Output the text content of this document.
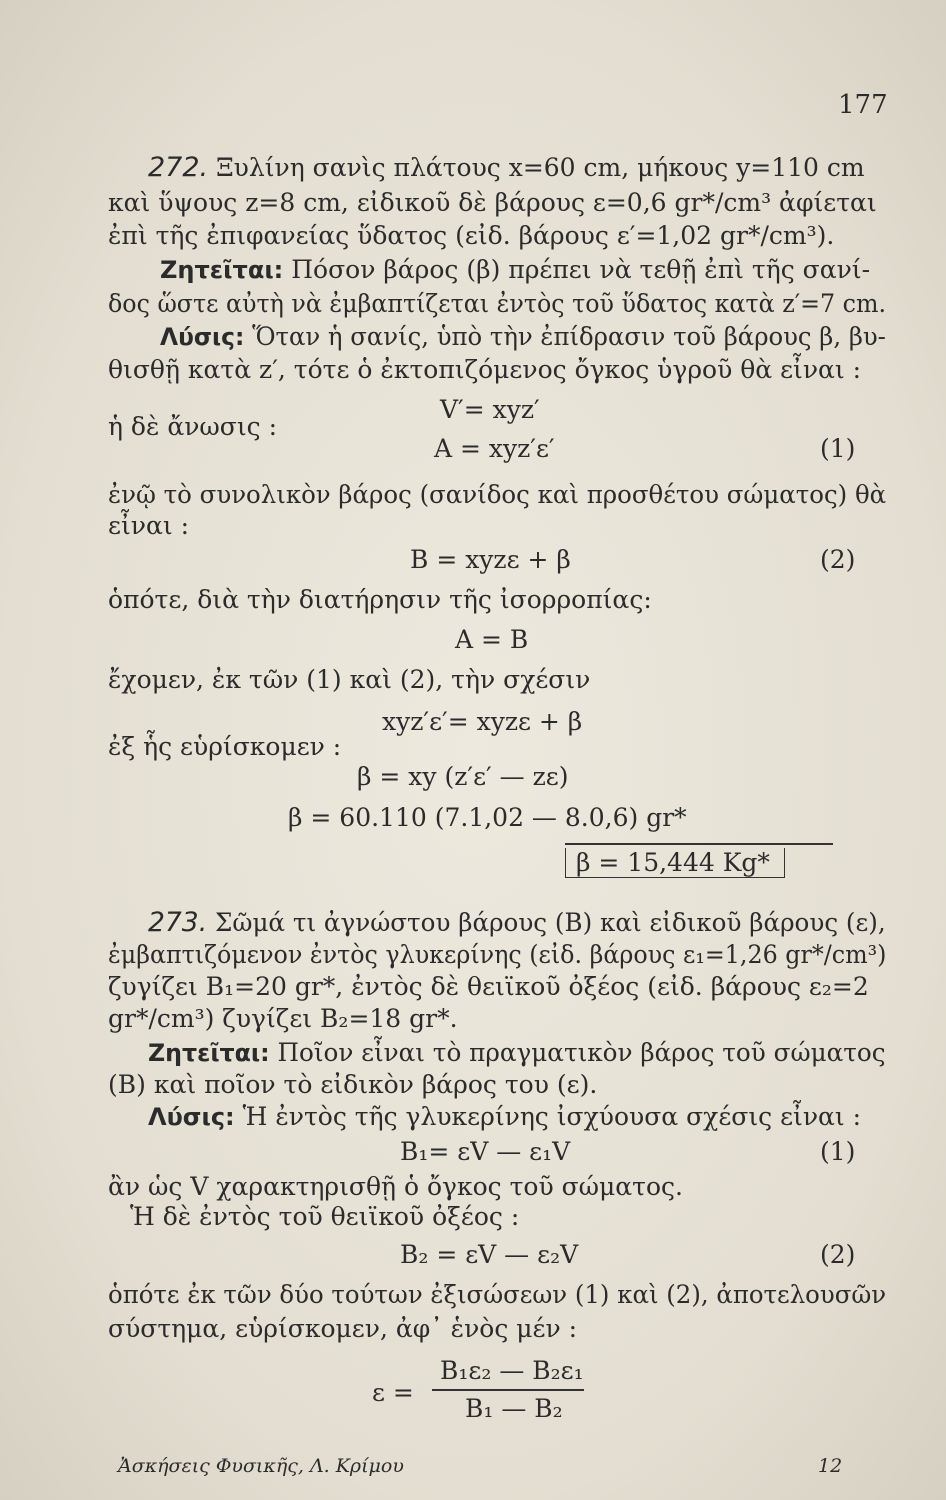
177
272. Ξυλίνη σανὶς πλάτους x=60 cm, μήκους y=110 cm
καὶ ὕψους z=8 cm, εἰδικοῦ δὲ βάρους ε=0,6 gr*/cm³ ἀφίεται
ἐπὶ τῆς ἐπιφανείας ὕδατος (εἰδ. βάρους ε′=1,02 gr*/cm³).
Ζητεῖται: Πόσον βάρος (β) πρέπει νὰ τεθῇ ἐπὶ τῆς σανί-
δος ὥστε αὐτὴ νὰ ἐμβαπτίζεται ἐντὸς τοῦ ὕδατος κατὰ z′=7 cm.
Λύσις: Ὅταν ἡ σανίς, ὑπὸ τὴν ἐπίδρασιν τοῦ βάρους β, βυ-
θισθῇ κατὰ z′, τότε ὁ ἐκτοπιζόμενος ὄγκος ὑγροῦ θὰ εἶναι :
V′= xyz′
ἡ δὲ ἄνωσις :
A = xyz′ε′	(1)
ἐνῷ τὸ συνολικὸν βάρος (σανίδος καὶ προσθέτου σώματος) θὰ
εἶναι :
B = xyzε + β	(2)
ὁπότε, διὰ τὴν διατήρησιν τῆς ἰσορροπίας:
A = B
ἔχομεν, ἐκ τῶν (1) καὶ (2), τὴν σχέσιν
xyz′ε′= xyzε + β
ἐξ ἧς εὑρίσκομεν :
β = xy (z′ε′ — zε)
β = 60.110 (7.1,02 — 8.0,6) gr*
β = 15,444 Kg*
273. Σῶμά τι ἀγνώστου βάρους (B) καὶ εἰδικοῦ βάρους (ε),
ἐμβαπτιζόμενον ἐντὸς γλυκερίνης (εἰδ. βάρους ε₁=1,26 gr*/cm³)
ζυγίζει B₁=20 gr*, ἐντὸς δὲ θειϊκοῦ ὀξέος (εἰδ. βάρους ε₂=2
gr*/cm³) ζυγίζει B₂=18 gr*.
Ζητεῖται: Ποῖον εἶναι τὸ πραγματικὸν βάρος τοῦ σώματος
(B) καὶ ποῖον τὸ εἰδικὸν βάρος του (ε).
Λύσις: Ἡ ἐντὸς τῆς γλυκερίνης ἰσχύουσα σχέσις εἶναι :
B₁= εV — ε₁V	(1)
ἂν ὡς V χαρακτηρισθῇ ὁ ὄγκος τοῦ σώματος.
Ἡ δὲ ἐντὸς τοῦ θειϊκοῦ ὀξέος :
B₂ = εV — ε₂V	(2)
ὁπότε ἐκ τῶν δύο τούτων ἐξισώσεων (1) καὶ (2), ἀποτελουσῶν
σύστημα, εὑρίσκομεν, ἀφ᾿ ἑνὸς μέν :
ε =
B₁ε₂ — B₂ε₁
B₁ — B₂
Ἀσκήσεις Φυσικῆς, Λ. Κρίμου	12
